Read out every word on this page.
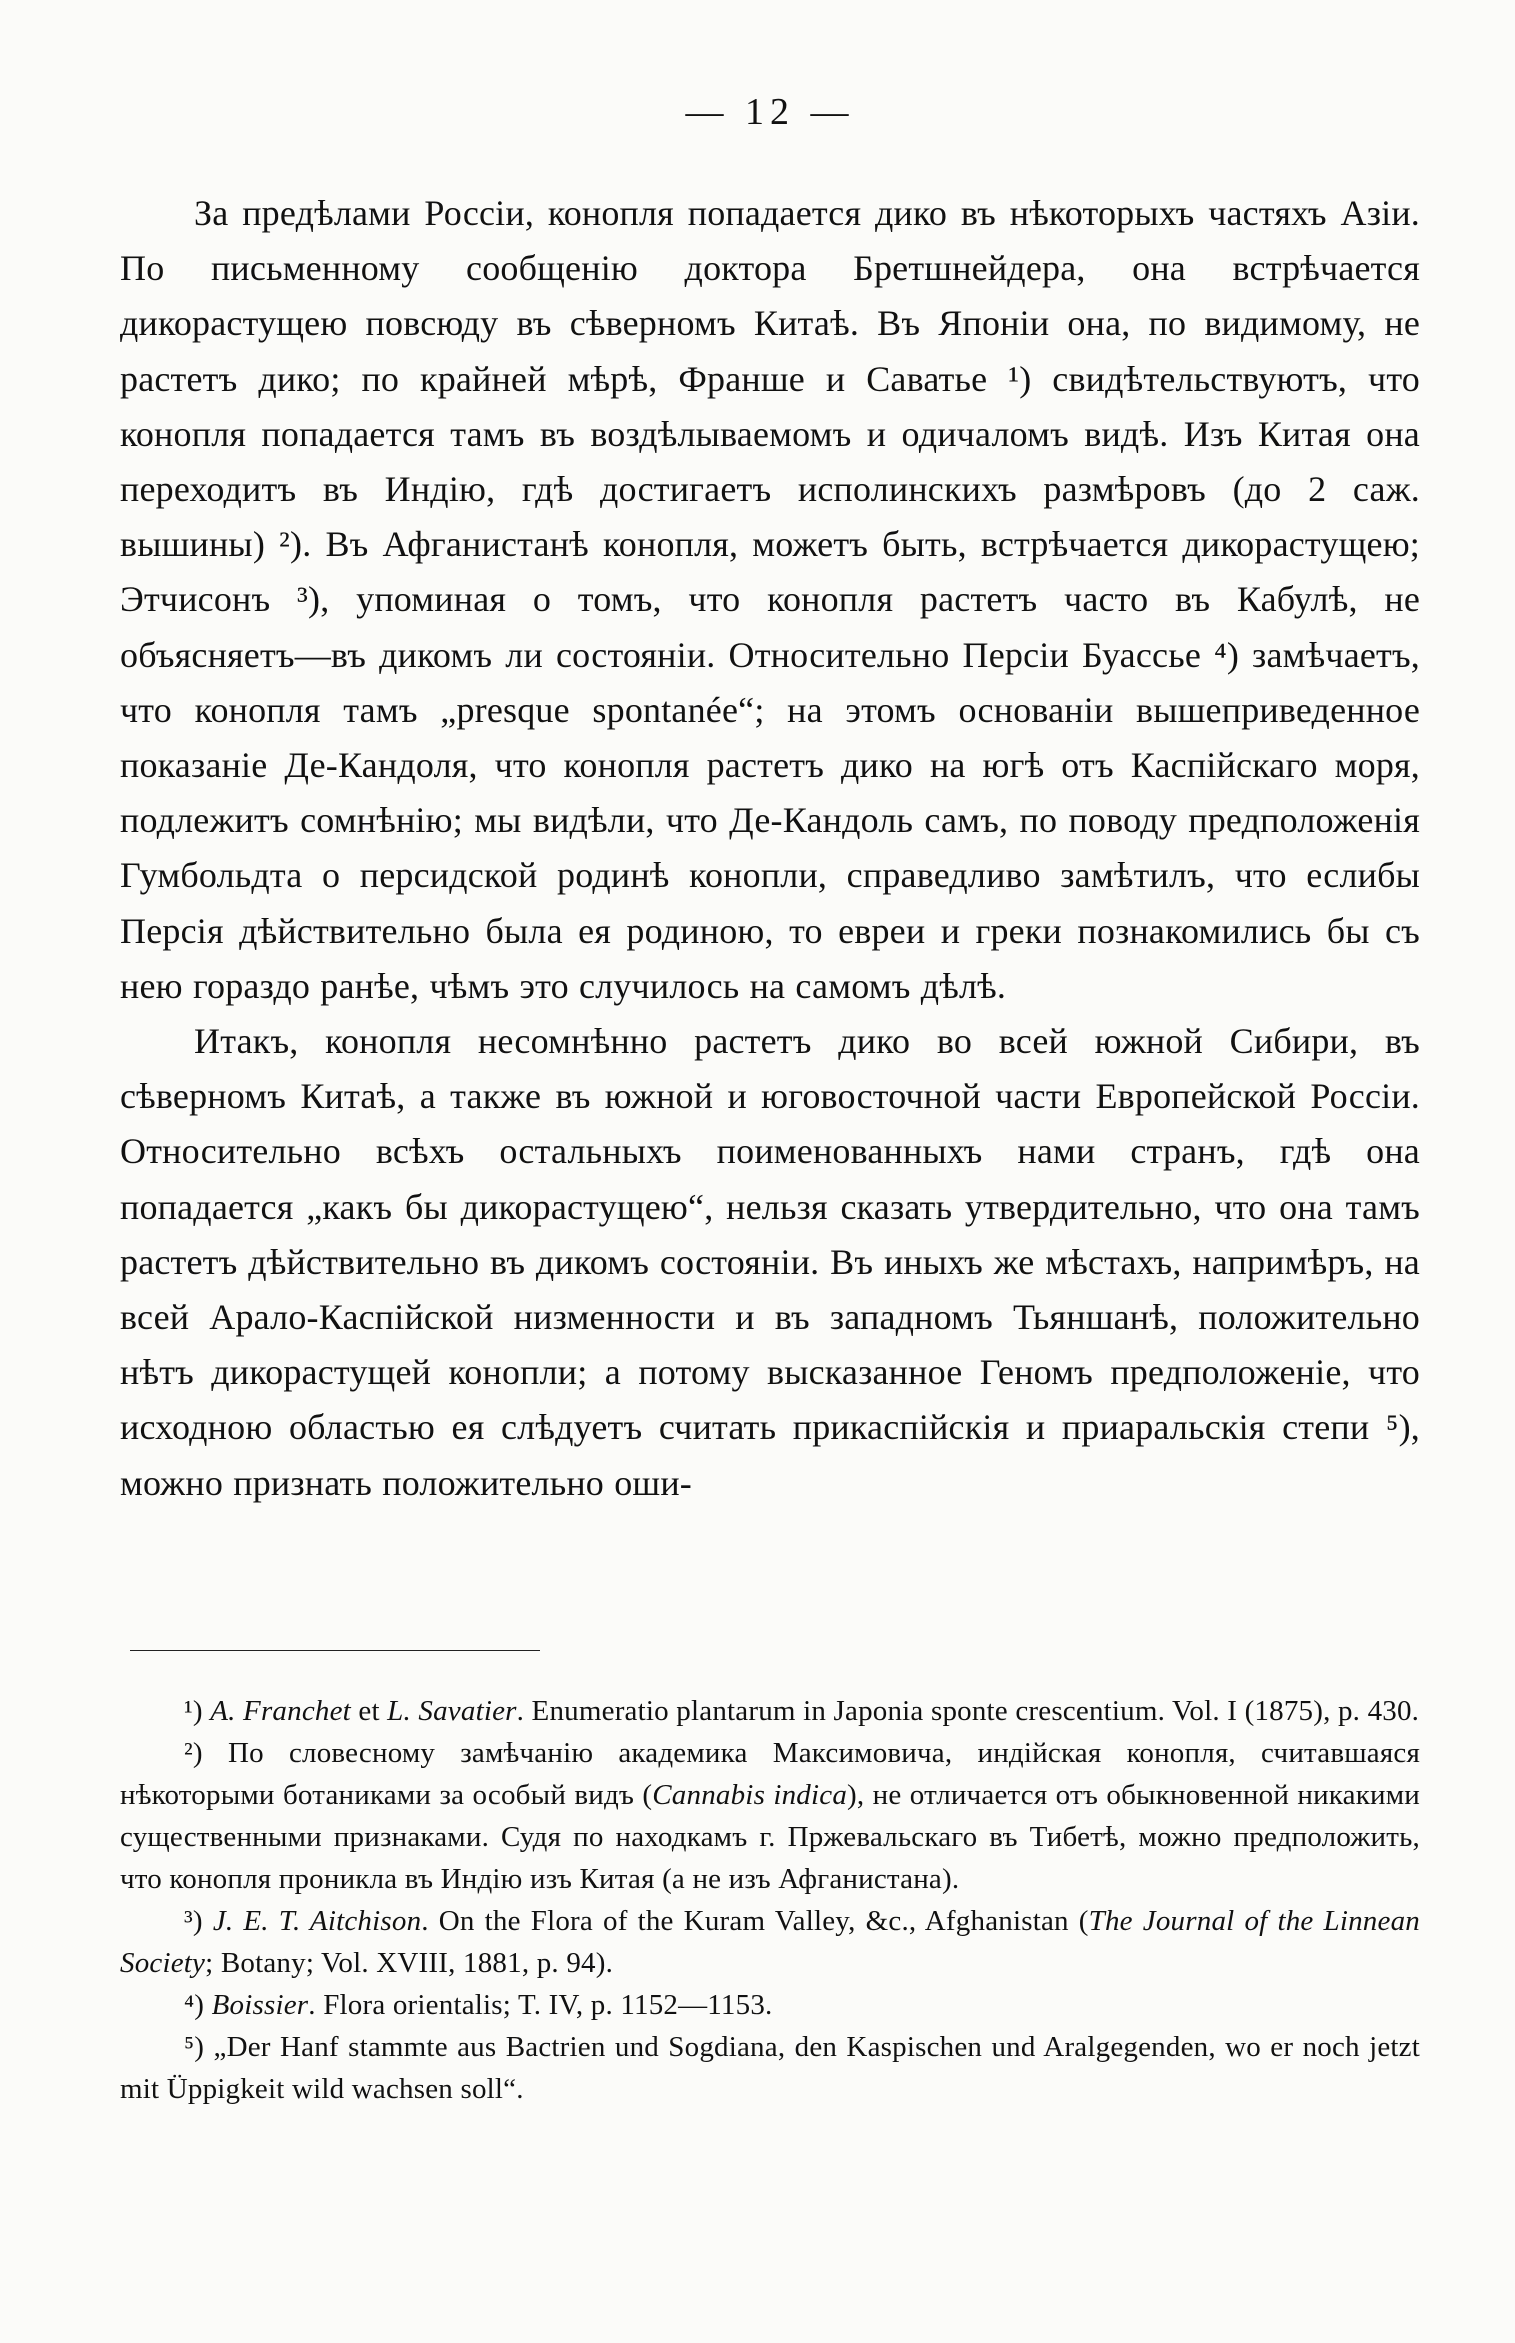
— 12 —

За предѣлами Россіи, конопля попадается дико въ нѣкоторыхъ частяхъ Азіи. По письменному сообщенію доктора Бретшнейдера, она встрѣчается дикорастущею повсюду въ сѣверномъ Китаѣ. Въ Японіи она, по видимому, не растетъ дико; по крайней мѣрѣ, Франше и Саватье ¹) свидѣтельствуютъ, что конопля попадается тамъ въ воздѣлываемомъ и одичаломъ видѣ. Изъ Китая она переходитъ въ Индію, гдѣ достигаетъ исполинскихъ размѣровъ (до 2 саж. вышины) ²). Въ Афганистанѣ конопля, можетъ быть, встрѣчается дикорастущею; Этчисонъ ³), упоминая о томъ, что конопля растетъ часто въ Кабулѣ, не объясняетъ—въ дикомъ ли состояніи. Относительно Персіи Буассье ⁴) замѣчаетъ, что конопля тамъ „presque spontanée“; на этомъ основаніи вышеприведенное показаніе Де-Кандоля, что конопля растетъ дико на югѣ отъ Каспійскаго моря, подлежитъ сомнѣнію; мы видѣли, что Де-Кандоль самъ, по поводу предположенія Гумбольдта о персидской родинѣ конопли, справедливо замѣтилъ, что еслибы Персія дѣйствительно была ея родиною, то евреи и греки познакомились бы съ нею гораздо ранѣе, чѣмъ это случилось на самомъ дѣлѣ.

Итакъ, конопля несомнѣнно растетъ дико во всей южной Сибири, въ сѣверномъ Китаѣ, а также въ южной и юговосточной части Европейской Россіи. Относительно всѣхъ остальныхъ поименованныхъ нами странъ, гдѣ она попадается „какъ бы дикорастущею“, нельзя сказать утвердительно, что она тамъ растетъ дѣйствительно въ дикомъ состояніи. Въ иныхъ же мѣстахъ, напримѣръ, на всей Арало-Каспійской низменности и въ западномъ Тьяншанѣ, положительно нѣтъ дикорастущей конопли; а потому высказанное Геномъ предположеніе, что исходною областью ея слѣдуетъ считать прикаспійскія и приаральскія степи ⁵), можно признать положительно оши-

¹) A. Franchet et L. Savatier. Enumeratio plantarum in Japonia sponte crescentium. Vol. I (1875), p. 430.

²) По словесному замѣчанію академика Максимовича, индійская конопля, считавшаяся нѣкоторыми ботаниками за особый видъ (Cannabis indica), не отличается отъ обыкновенной никакими существенными признаками. Судя по находкамъ г. Пржевальскаго въ Тибетѣ, можно предположить, что конопля проникла въ Индію изъ Китая (а не изъ Афганистана).

³) J. E. T. Aitchison. On the Flora of the Kuram Valley, &c., Afghanistan (The Journal of the Linnean Society; Botany; Vol. XVIII, 1881, p. 94).

⁴) Boissier. Flora orientalis; T. IV, p. 1152—1153.

⁵) „Der Hanf stammte aus Bactrien und Sogdiana, den Kaspischen und Aralgegenden, wo er noch jetzt mit Üppigkeit wild wachsen soll“.
